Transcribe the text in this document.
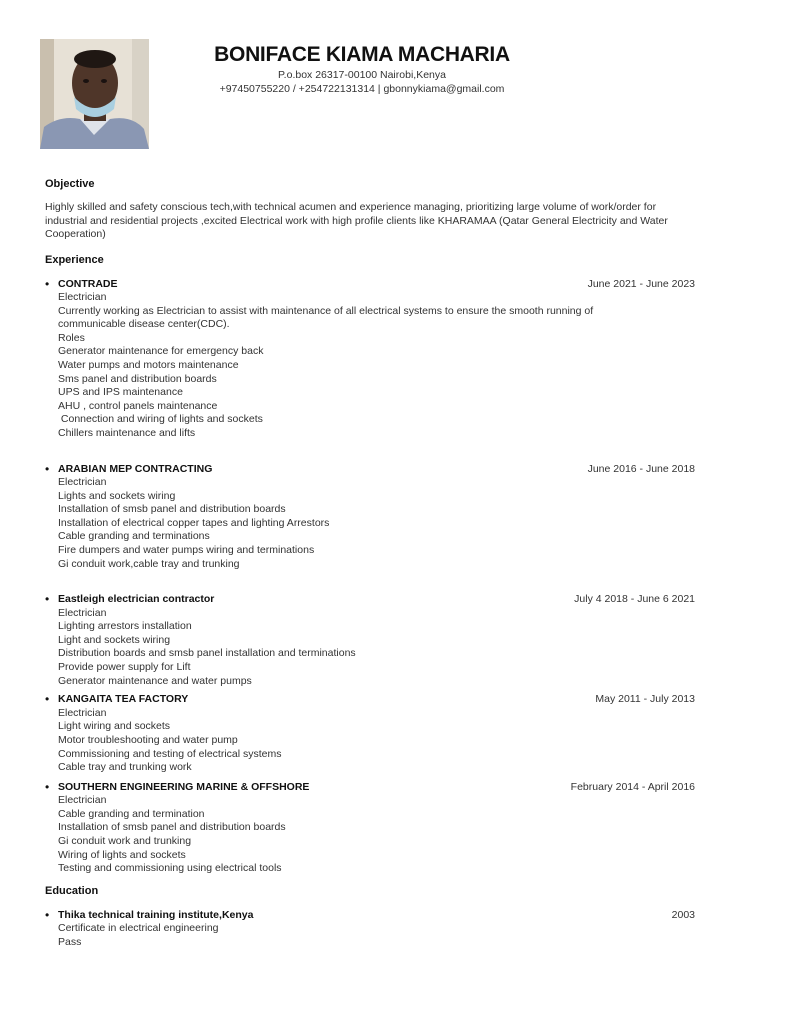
BONIFACE KIAMA MACHARIA
P.o.box 26317-00100 Nairobi,Kenya
+97450755220 / +254722131314 | gbonnykiama@gmail.com
Objective

Highly skilled and safety conscious tech,with technical acumen and experience managing, prioritizing large volume of work/order for industrial and residential projects ,excited Electrical work with high profile clients like KHARAMAA (Qatar General Electricity and Water Cooperation)

Experience
• CONTRADE	June 2021 - June 2023
Electrician
Currently working as Electrician to assist with maintenance of all electrical systems to ensure the smooth running of
communicable disease center(CDC).
Roles
Generator maintenance for emergency back
Water pumps and motors maintenance
Sms panel and distribution boards
UPS and IPS maintenance
AHU , control panels maintenance
Connection and wiring of lights and sockets
Chillers maintenance and lifts
• ARABIAN MEP CONTRACTING	June 2016 - June 2018
Electrician
Lights and sockets wiring
Installation of smsb panel and distribution boards
Installation of electrical copper tapes and lighting Arrestors
Cable granding and terminations
Fire dumpers and water pumps wiring and terminations
Gi conduit work,cable tray and trunking
• Eastleigh electrician contractor	July 4 2018 - June 6 2021
Electrician
Lighting arrestors installation
Light and sockets wiring
Distribution boards and smsb panel installation and terminations
Provide power supply for Lift
Generator maintenance and water pumps
• KANGAITA TEA FACTORY	May 2011 - July 2013
Electrician
Light wiring and sockets
Motor troubleshooting and water pump
Commissioning and testing of electrical systems
Cable tray and trunking work
• SOUTHERN ENGINEERING MARINE & OFFSHORE	February 2014 - April 2016
Electrician
Cable granding and termination
Installation of smsb panel and distribution boards
Gi conduit work and trunking
Wiring of lights and sockets
Testing and commissioning using electrical tools
Education
• Thika technical training institute,Kenya	2003
Certificate in electrical engineering
Pass
